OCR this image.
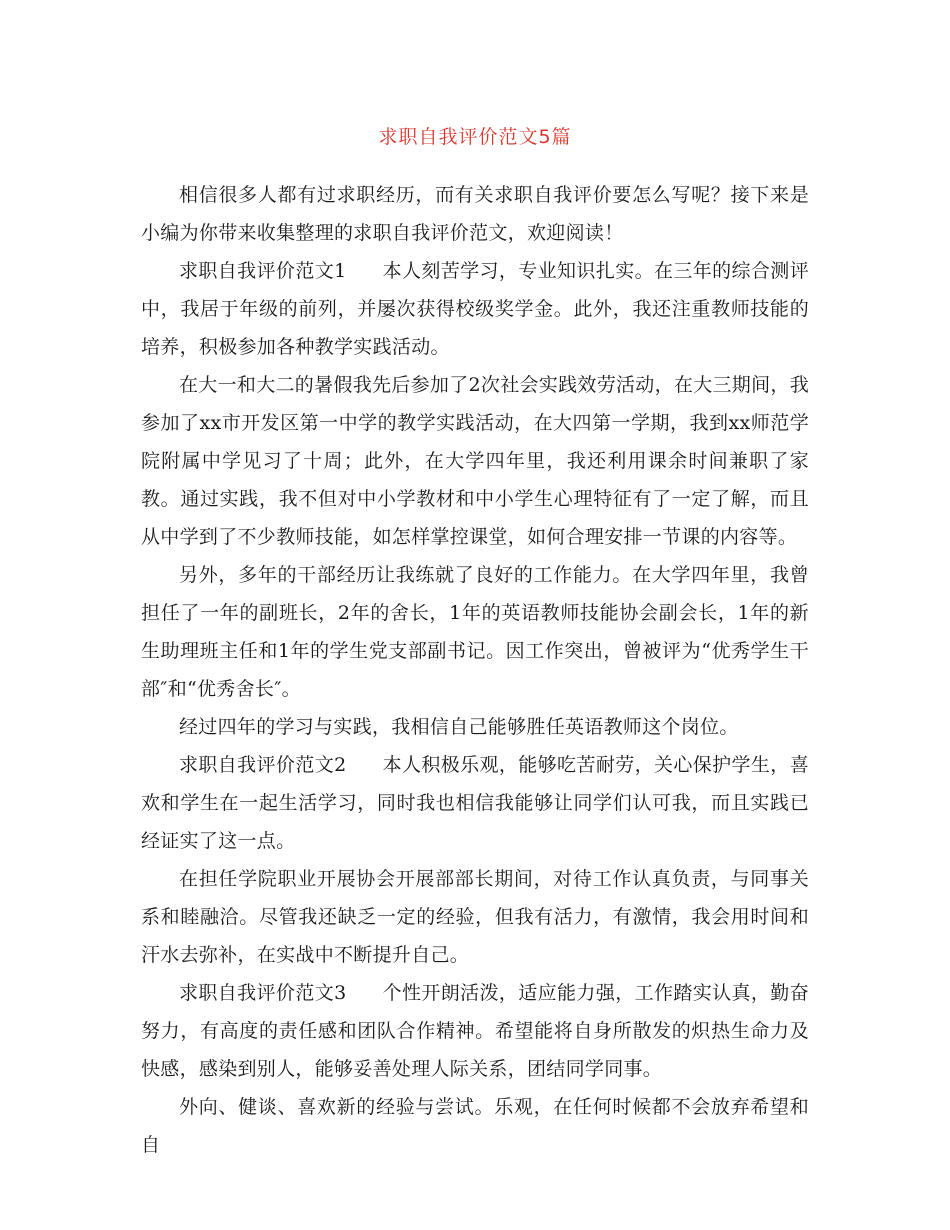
求职自我评价范文5篇

相信很多人都有过求职经历，而有关求职自我评价要怎么写呢？接下来是小编为你带来收集整理的求职自我评价范文，欢迎阅读！

求职自我评价范文1 本人刻苦学习，专业知识扎实。在三年的综合测评中，我居于年级的前列，并屡次获得校级奖学金。此外，我还注重教师技能的培养，积极参加各种教学实践活动。

在大一和大二的暑假我先后参加了2次社会实践效劳活动，在大三期间，我参加了xx市开发区第一中学的教学实践活动，在大四第一学期，我到xx师范学院附属中学见习了十周；此外，在大学四年里，我还利用课余时间兼职了家教。通过实践，我不但对中小学教材和中小学生心理特征有了一定了解，而且从中学到了不少教师技能，如怎样掌控课堂，如何合理安排一节课的内容等。

另外，多年的干部经历让我练就了良好的工作能力。在大学四年里，我曾担任了一年的副班长，2年的舍长，1年的英语教师技能协会副会长，1年的新生助理班主任和1年的学生党支部副书记。因工作突出，曾被评为“优秀学生干部″和“优秀舍长″。

经过四年的学习与实践，我相信自己能够胜任英语教师这个岗位。

求职自我评价范文2 本人积极乐观，能够吃苦耐劳，关心保护学生，喜欢和学生在一起生活学习，同时我也相信我能够让同学们认可我，而且实践已经证实了这一点。

在担任学院职业开展协会开展部部长期间，对待工作认真负责，与同事关系和睦融洽。尽管我还缺乏一定的经验，但我有活力，有激情，我会用时间和汗水去弥补，在实战中不断提升自己。

求职自我评价范文3 个性开朗活泼，适应能力强，工作踏实认真，勤奋努力，有高度的责任感和团队合作精神。希望能将自身所散发的炽热生命力及快感，感染到别人，能够妥善处理人际关系，团结同学同事。

外向、健谈、喜欢新的经验与尝试。乐观，在任何时候都不会放弃希望和自
